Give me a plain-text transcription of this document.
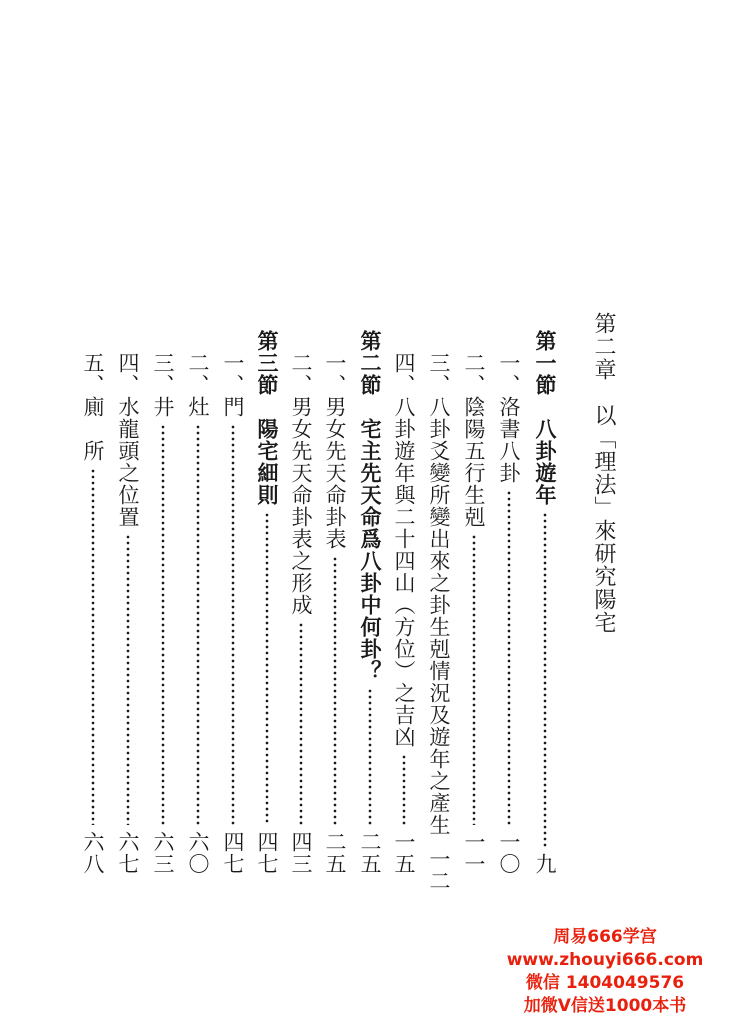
第二章　以「理法」來研究陽宅
第一節　八卦遊年
九
一、洛書八卦
一〇
二、陰陽五行生剋
一一
三、八卦爻變所變出來之卦生剋情況及遊年之產生
一二
四、八卦遊年與二十四山（方位）之吉凶
一五
第二節　宅主先天命爲八卦中何卦？
二五
一、男女先天命卦表
二五
二、男女先天命卦表之形成
四三
第三節　陽宅細則
四七
一、門
四七
二、灶
六〇
三、井
六三
四、水龍頭之位置
六七
五、廁　所
六八
周易666学宫
www.zhouyi666.com
微信 1404049576
加微V信送1000本书
